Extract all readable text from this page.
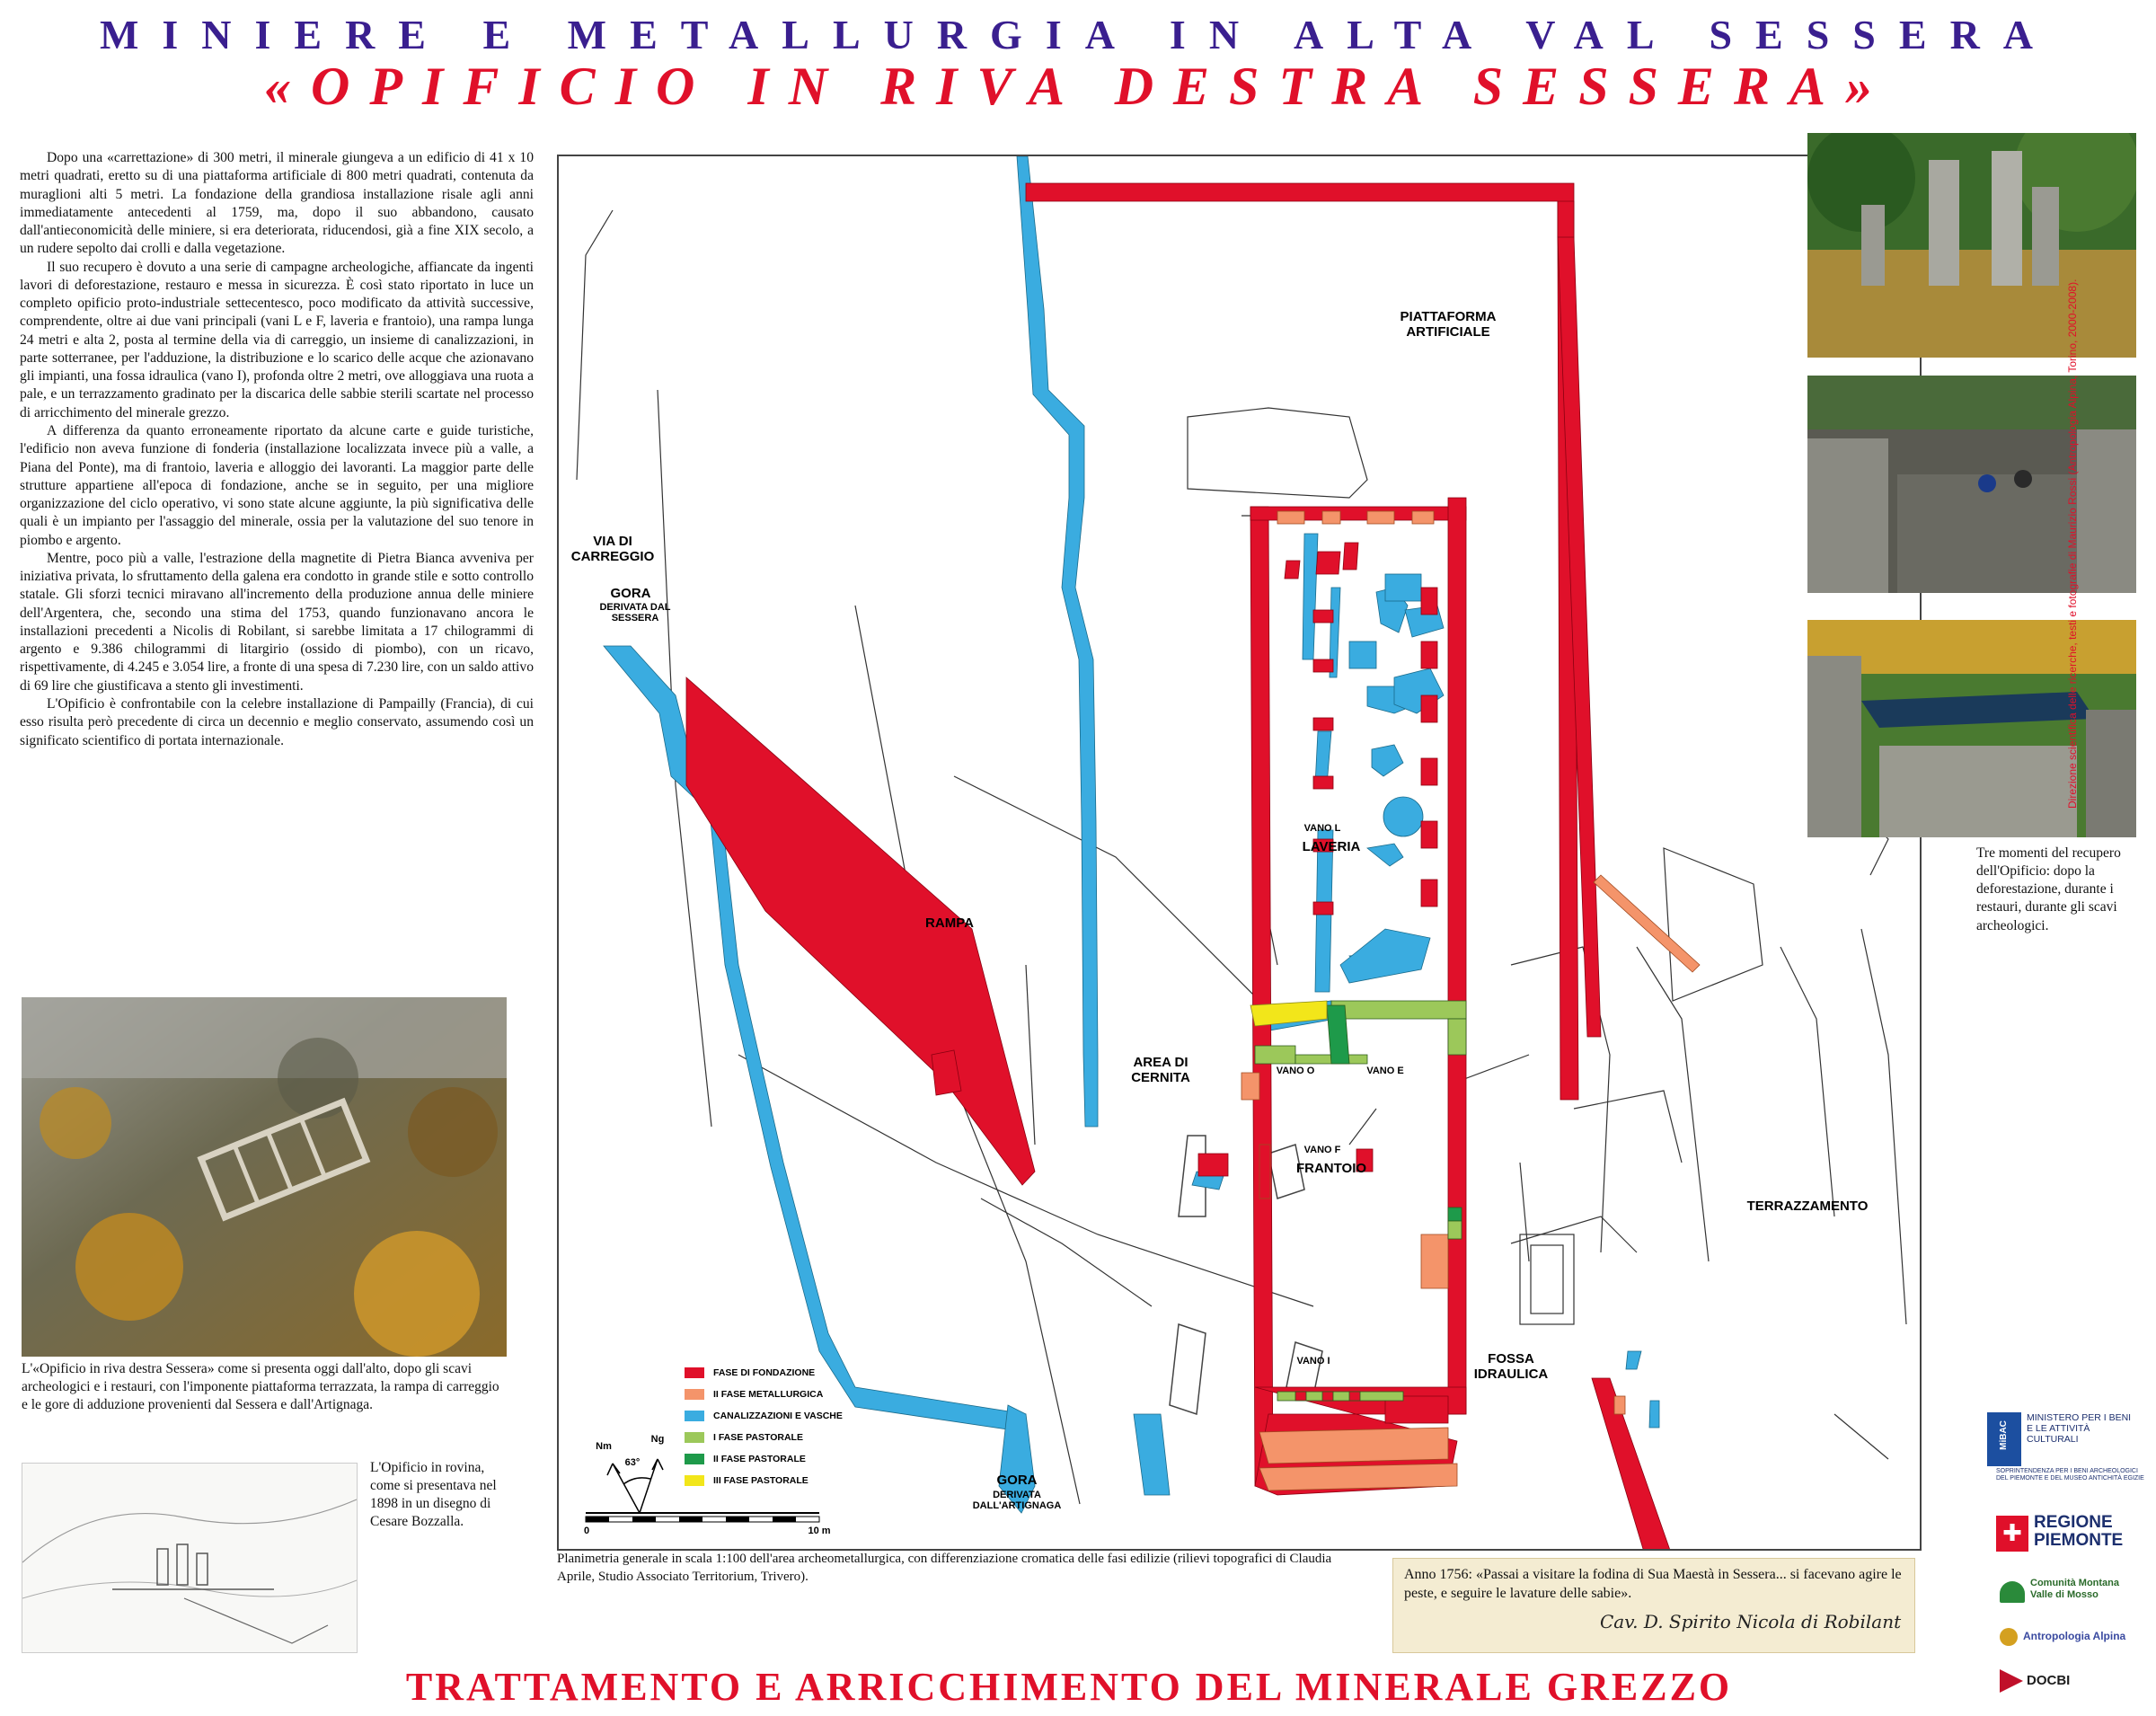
MINIERE E METALLURGIA IN ALTA VAL SESSERA
«OPIFICIO IN RIVA DESTRA SESSERA»

Dopo una «carrettazione» di 300 metri, il minerale giungeva a un edificio di 41 x 10 metri quadrati, eretto su di una piattaforma artificiale di 800 metri quadrati, contenuta da muraglioni alti 5 metri. La fondazione della grandiosa installazione risale agli anni immediatamente antecedenti al 1759, ma, dopo il suo abbandono, causato dall'antieconomicità delle miniere, si era deteriorata, riducendosi, già a fine XIX secolo, a un rudere sepolto dai crolli e dalla vegetazione.

Il suo recupero è dovuto a una serie di campagne archeologiche, affiancate da ingenti lavori di deforestazione, restauro e messa in sicurezza. È così stato riportato in luce un completo opificio proto-industriale settecentesco, poco modificato da attività successive, comprendente, oltre ai due vani principali (vani L e F, laveria e frantoio), una rampa lunga 24 metri e alta 2, posta al termine della via di carreggio, un insieme di canalizzazioni, in parte sotterranee, per l'adduzione, la distribuzione e lo scarico delle acque che azionavano gli impianti, una fossa idraulica (vano I), profonda oltre 2 metri, ove alloggiava una ruota a pale, e un terrazzamento gradinato per la discarica delle sabbie sterili scartate nel processo di arricchimento del minerale grezzo.

A differenza da quanto erroneamente riportato da alcune carte e guide turistiche, l'edificio non aveva funzione di fonderia (installazione localizzata invece più a valle, a Piana del Ponte), ma di frantoio, laveria e alloggio dei lavoranti. La maggior parte delle strutture appartiene all'epoca di fondazione, anche se in seguito, per una migliore organizzazione del ciclo operativo, vi sono state alcune aggiunte, la più significativa delle quali è un impianto per l'assaggio del minerale, ossia per la valutazione del suo tenore in piombo e argento.

Mentre, poco più a valle, l'estrazione della magnetite di Pietra Bianca avveniva per iniziativa privata, lo sfruttamento della galena era condotto in grande stile e sotto controllo statale. Gli sforzi tecnici miravano all'incremento della produzione annua delle miniere dell'Argentera, che, secondo una stima del 1753, quando funzionavano ancora le installazioni precedenti a Nicolis di Robilant, si sarebbe limitata a 17 chilogrammi di argento e 9.386 chilogrammi di litargirio (ossido di piombo), con un ricavo, rispettivamente, di 4.245 e 3.054 lire, a fronte di una spesa di 7.230 lire, con un saldo attivo di 69 lire che giustificava a stento gli investimenti.

L'Opificio è confrontabile con la celebre installazione di Pampailly (Francia), di cui esso risulta però precedente di circa un decennio e meglio conservato, assumendo così un significato scientifico di portata internazionale.

L'«Opificio in riva destra Sessera» come si presenta oggi dall'alto, dopo gli scavi archeologici e i restauri, con l'imponente piattaforma terrazzata, la rampa di carreggio e le gore di adduzione provenienti dal Sessera e dall'Artignaga.
L'Opificio in rovina, come si presentava nel 1898 in un disegno di Cesare Bozzalla.
PIATTAFORMA ARTIFICIALE
VIA DI CARREGGIO
GORA
DERIVATA DAL SESSERA
VANO L
LAVERIA
RAMPA
AREA DI CERNITA	VANO O	VANO E
VANO F
FRANTOIO
TERRAZZAMENTO
VANO I	FOSSA IDRAULICA
GORA
DERIVATA DALL'ARTIGNAGA
Nm
Ng
63°
0	10 m
FASE DI FONDAZIONE
II FASE METALLURGICA
CANALIZZAZIONI E VASCHE
I FASE PASTORALE
II FASE PASTORALE
III FASE PASTORALE
Planimetria generale in scala 1:100 dell'area archeometallurgica, con differenziazione cromatica delle fasi edilizie (rilievi topografici di Claudia Aprile, Studio Associato Territorium, Trivero).	Anno 1756: «Passai a visitare la fodina di Sua Maestà in Sessera... si facevano agire le peste, e seguire le lavature delle sabie».
Cav. D. Spirito Nicola di Robilant
Tre momenti del recupero dell'Opificio: dopo la deforestazione, durante i restauri, durante gli scavi archeologici.
Direzione scientifica delle ricerche, testi e fotografie di Maurizio Rossi (Antropologia Alpina, Torino, 2000-2008).
MiBAC
MINISTERO PER I BENI E LE ATTIVITÀ CULTURALI
SOPRINTENDENZA PER I BENI ARCHEOLOGICI DEL PIEMONTE E DEL MUSEO ANTICHITÀ EGIZIE
✚ REGIONE
PIEMONTE
Comunità Montana
Valle di Mosso
Antropologia Alpina
DOCBI
TRATTAMENTO E ARRICCHIMENTO DEL MINERALE GREZZO
